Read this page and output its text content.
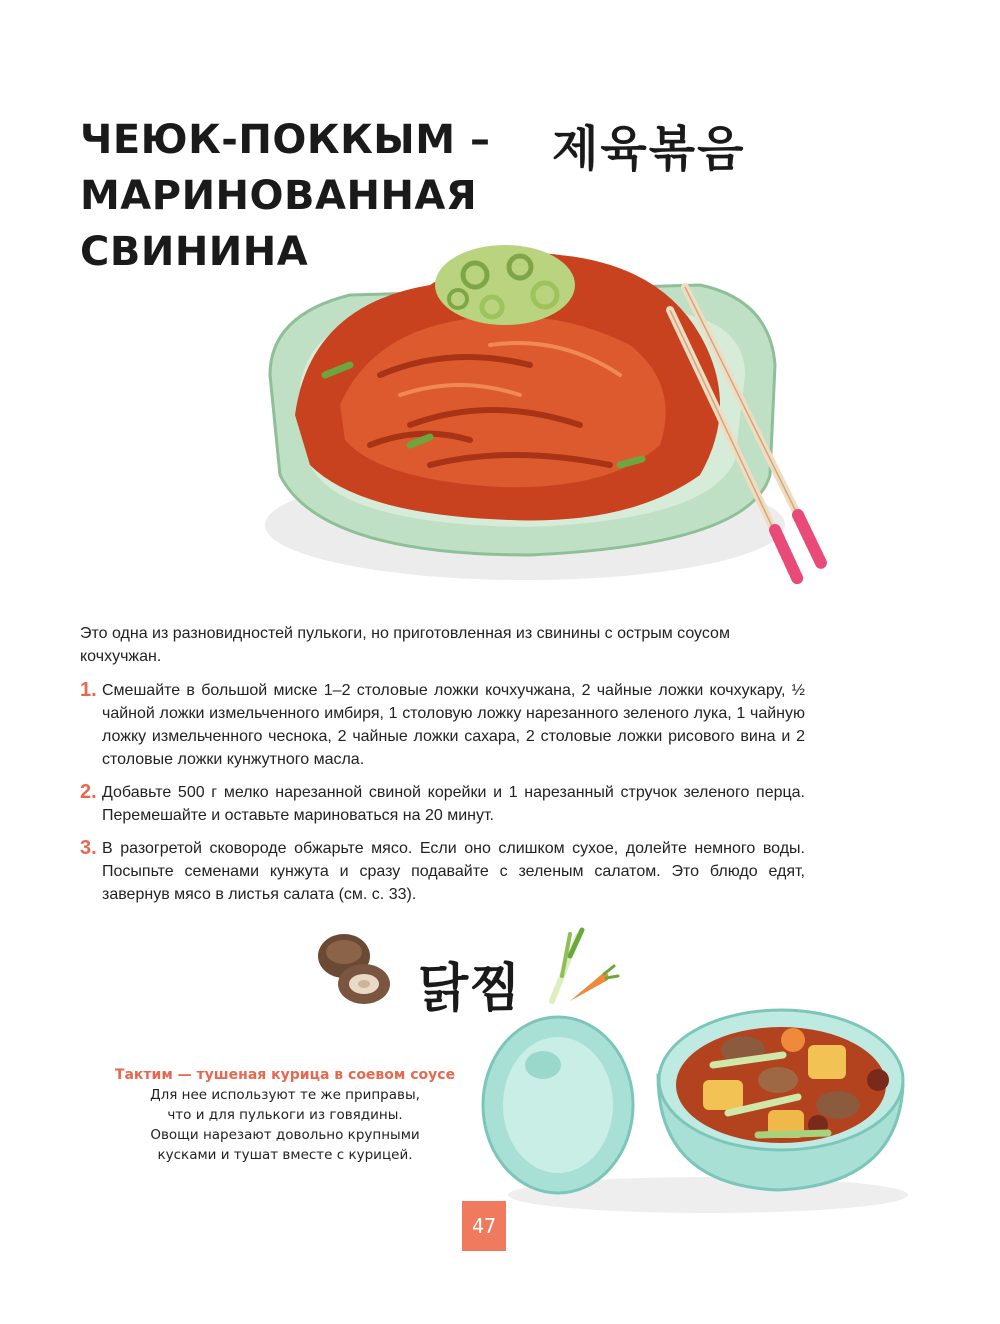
ЧЕЮК-ПОККЫМ –
МАРИНОВАННАЯ СВИНИНА
제육볶음

Это одна из разновидностей пулькоги, но приготовленная из свинины с острым соусом кочхучжан.

1. Смешайте в большой миске 1–2 столовые ложки кочхучжана, 2 чайные ложки кочхукару, ½ чайной ложки измельченного имбиря, 1 столовую ложку нарезанного зеленого лука, 1 чайную ложку измельченного чеснока, 2 чайные ложки сахара, 2 столовые ложки рисового вина и 2 столовые ложки кунжутного масла.
2. Добавьте 500 г мелко нарезанной свиной корейки и 1 нарезанный стручок зеленого перца. Перемешайте и оставьте мариноваться на 20 минут.
3. В разогретой сковороде обжарьте мясо. Если оно слишком сухое, долейте немного воды. Посыпьте семенами кунжута и сразу подавайте с зеленым салатом. Это блюдо едят, завернув мясо в листья салата (см. с. 33).
닭찜
Тактим — тушеная курица в соевом соусе
Для нее используют те же приправы,
что и для пулькоги из говядины.
Овощи нарезают довольно крупными
кусками и тушат вместе с курицей.
47
